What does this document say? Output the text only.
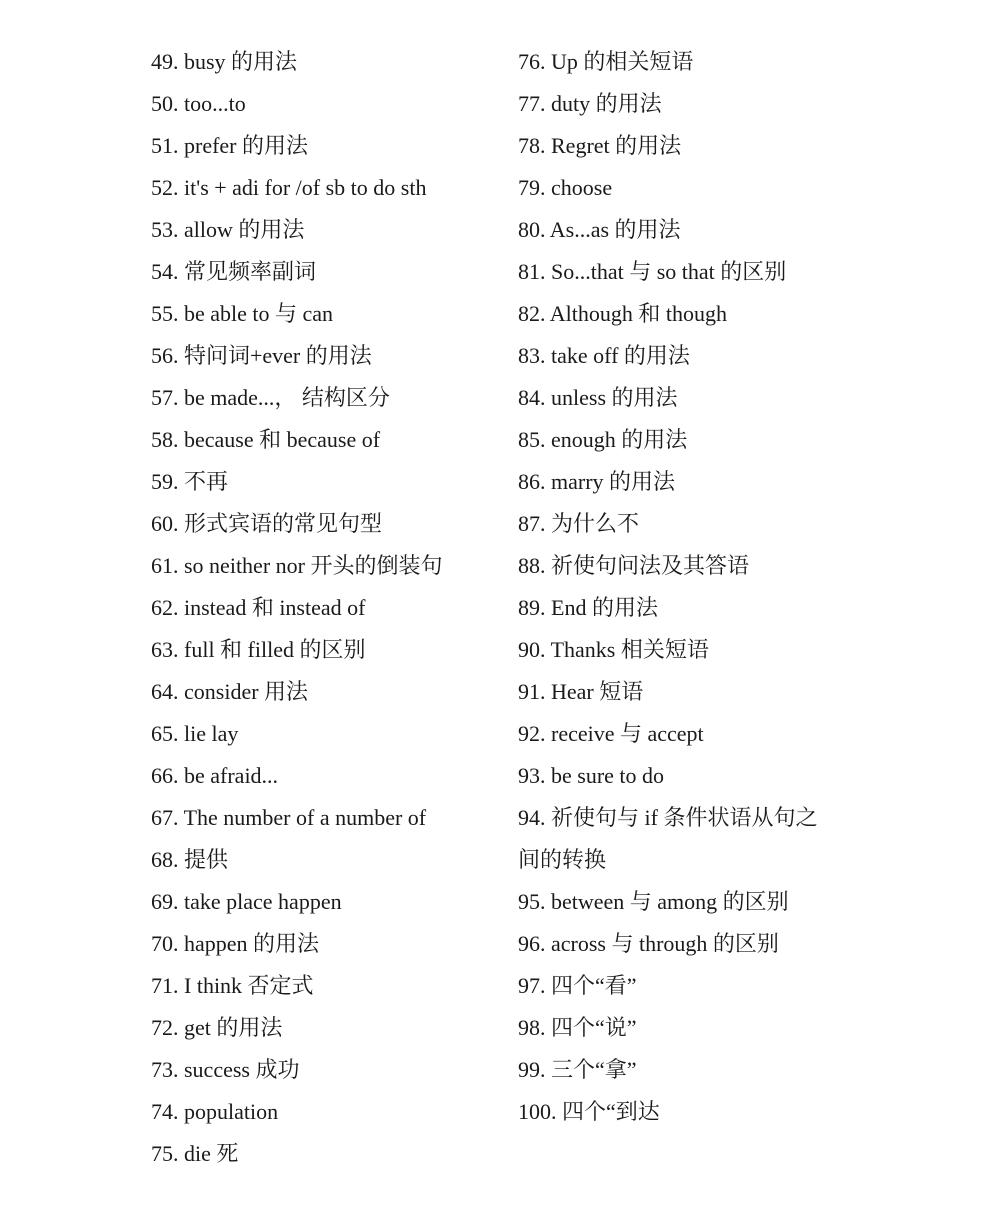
49. busy 的用法
50. too...to
51. prefer 的用法
52. it's + adi for /of sb to do sth
53. allow 的用法
54. 常见频率副词
55. be able to 与 can
56. 特问词+ever 的用法
57. be made...， 结构区分
58. because 和 because of
59. 不再
60. 形式宾语的常见句型
61. so neither nor 开头的倒装句
62. instead 和 instead of
63. full 和 filled 的区别
64. consider 用法
65. lie lay
66. be afraid...
67. The number of a number of
68. 提供
69. take place happen
70. happen 的用法
71. I think 否定式
72. get 的用法
73. success 成功
74. population
75. die 死
76. Up 的相关短语
77. duty 的用法
78. Regret 的用法
79. choose
80. As...as 的用法
81. So...that 与 so that 的区别
82. Although 和 though
83. take off 的用法
84. unless 的用法
85. enough 的用法
86. marry 的用法
87. 为什么不
88. 祈使句问法及其答语
89. End 的用法
90. Thanks 相关短语
91. Hear 短语
92. receive 与 accept
93. be sure to do
94. 祈使句与 if 条件状语从句之
间的转换
95. between 与 among 的区别
96. across 与 through 的区别
97. 四个“看”
98. 四个“说”
99. 三个“拿”
100. 四个“到达
